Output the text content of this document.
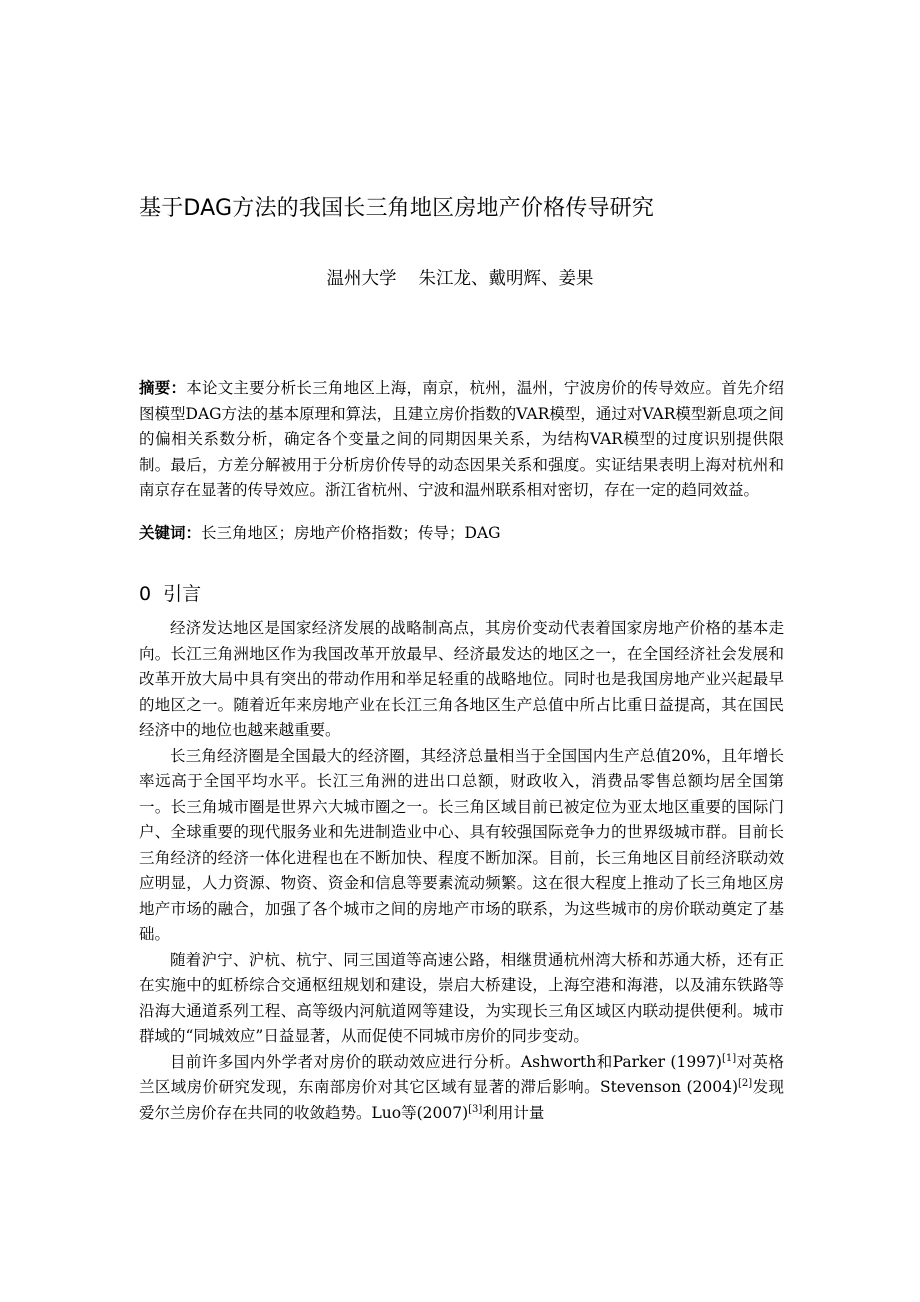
基于DAG方法的我国长三角地区房地产价格传导研究
温州大学 朱江龙、戴明辉、姜果
摘要：本论文主要分析长三角地区上海，南京，杭州，温州，宁波房价的传导效应。首先介绍图模型DAG方法的基本原理和算法，且建立房价指数的VAR模型，通过对VAR模型新息项之间的偏相关系数分析，确定各个变量之间的同期因果关系，为结构VAR模型的过度识别提供限制。最后，方差分解被用于分析房价传导的动态因果关系和强度。实证结果表明上海对杭州和南京存在显著的传导效应。浙江省杭州、宁波和温州联系相对密切，存在一定的趋同效益。
关键词：长三角地区；房地产价格指数；传导；DAG
0 引言

经济发达地区是国家经济发展的战略制高点，其房价变动代表着国家房地产价格的基本走向。长江三角洲地区作为我国改革开放最早、经济最发达的地区之一，在全国经济社会发展和改革开放大局中具有突出的带动作用和举足轻重的战略地位。同时也是我国房地产业兴起最早的地区之一。随着近年来房地产业在长江三角各地区生产总值中所占比重日益提高，其在国民经济中的地位也越来越重要。

长三角经济圈是全国最大的经济圈，其经济总量相当于全国国内生产总值20%，且年增长率远高于全国平均水平。长江三角洲的进出口总额，财政收入，消费品零售总额均居全国第一。长三角城市圈是世界六大城市圈之一。长三角区域目前已被定位为亚太地区重要的国际门户、全球重要的现代服务业和先进制造业中心、具有较强国际竞争力的世界级城市群。目前长三角经济的经济一体化进程也在不断加快、程度不断加深。目前，长三角地区目前经济联动效应明显，人力资源、物资、资金和信息等要素流动频繁。这在很大程度上推动了长三角地区房地产市场的融合，加强了各个城市之间的房地产市场的联系，为这些城市的房价联动奠定了基础。

随着沪宁、沪杭、杭宁、同三国道等高速公路，相继贯通杭州湾大桥和苏通大桥，还有正在实施中的虹桥综合交通枢纽规划和建设，崇启大桥建设，上海空港和海港，以及浦东铁路等沿海大通道系列工程、高等级内河航道网等建设，为实现长三角区域区内联动提供便利。城市群域的“同城效应”日益显著，从而促使不同城市房价的同步变动。

目前许多国内外学者对房价的联动效应进行分析。Ashworth和Parker (1997)[1]对英格兰区域房价研究发现，东南部房价对其它区域有显著的滞后影响。Stevenson (2004)[2]发现爱尔兰房价存在共同的收敛趋势。Luo等(2007)[3]利用计量
